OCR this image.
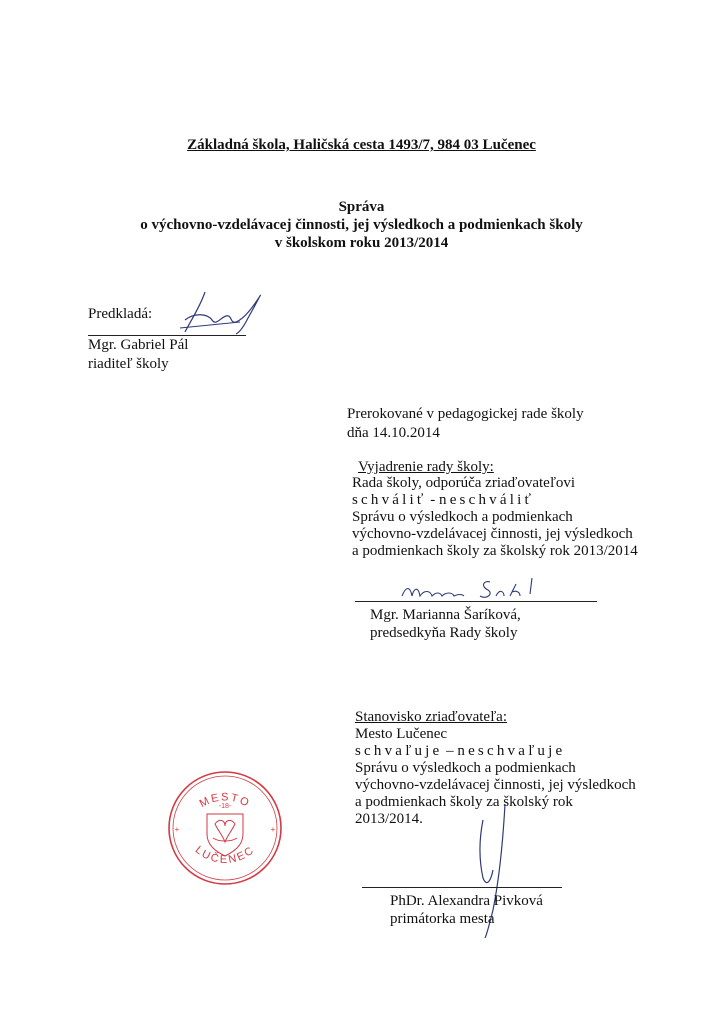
Základná škola, Haličská cesta 1493/7, 984 03 Lučenec
Správa
o výchovno-vzdelávacej činnosti, jej výsledkoch a podmienkach školy
v školskom roku 2013/2014
Predkladá:
Mgr. Gabriel Pál
riaditeľ školy
Prerokované v pedagogickej rade školy
dňa 14.10.2014
Vyjadrenie rady školy:
Rada školy, odporúča zriaďovateľovi
schváliť - neschváliť
Správu o výsledkoch a podmienkach
výchovno-vzdelávacej činnosti, jej výsledkoch
a podmienkach školy za školský rok 2013/2014
Mgr. Marianna Šaríková,
predsedkyňa Rady školy
Stanovisko zriaďovateľa:
Mesto Lučenec
schvaľuje – neschvaľuje
Správu o výsledkoch a podmienkach
výchovno-vzdelávacej činnosti, jej výsledkoch
a podmienkach školy za školský rok
2013/2014.
PhDr. Alexandra Pivková
primátorka mesta
MESTO
LUČENEC
-18-
+	+
